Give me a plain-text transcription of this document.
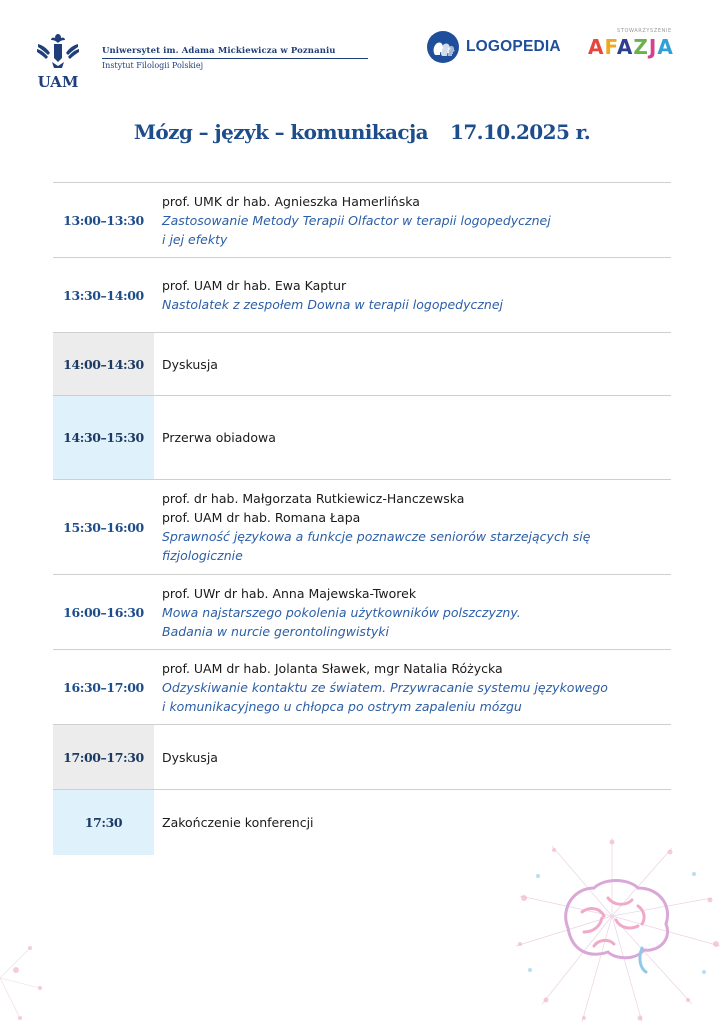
UAM
Uniwersytet im. Adama Mickiewicza w Poznaniu
Instytut Filologii Polskiej
LOGOPEDIA
STOWARZYSZENIE
AFAZJA
Mózg – język – komunikacja 17.10.2025 r.
13:00–13:30	prof. UMK dr hab. Agnieszka Hamerlińska
Zastosowanie Metody Terapii Olfactor w terapii logopedycznej
i jej efekty

13:30–14:00	prof. UAM dr hab. Ewa Kaptur
Nastolatek z zespołem Downa w terapii logopedycznej

14:00–14:30	Dyskusja

14:30–15:30	Przerwa obiadowa

15:30–16:00	prof. dr hab. Małgorzata Rutkiewicz-Hanczewska
prof. UAM dr hab. Romana Łapa
Sprawność językowa a funkcje poznawcze seniorów starzejących się
fizjologicznie

16:00–16:30	prof. UWr dr hab. Anna Majewska-Tworek
Mowa najstarszego pokolenia użytkowników polszczyzny.
Badania w nurcie gerontolingwistyki

16:30–17:00	prof. UAM dr hab. Jolanta Sławek, mgr Natalia Różycka
Odzyskiwanie kontaktu ze światem. Przywracanie systemu językowego
i komunikacyjnego u chłopca po ostrym zapaleniu mózgu

17:00–17:30	Dyskusja

17:30	Zakończenie konferencji
